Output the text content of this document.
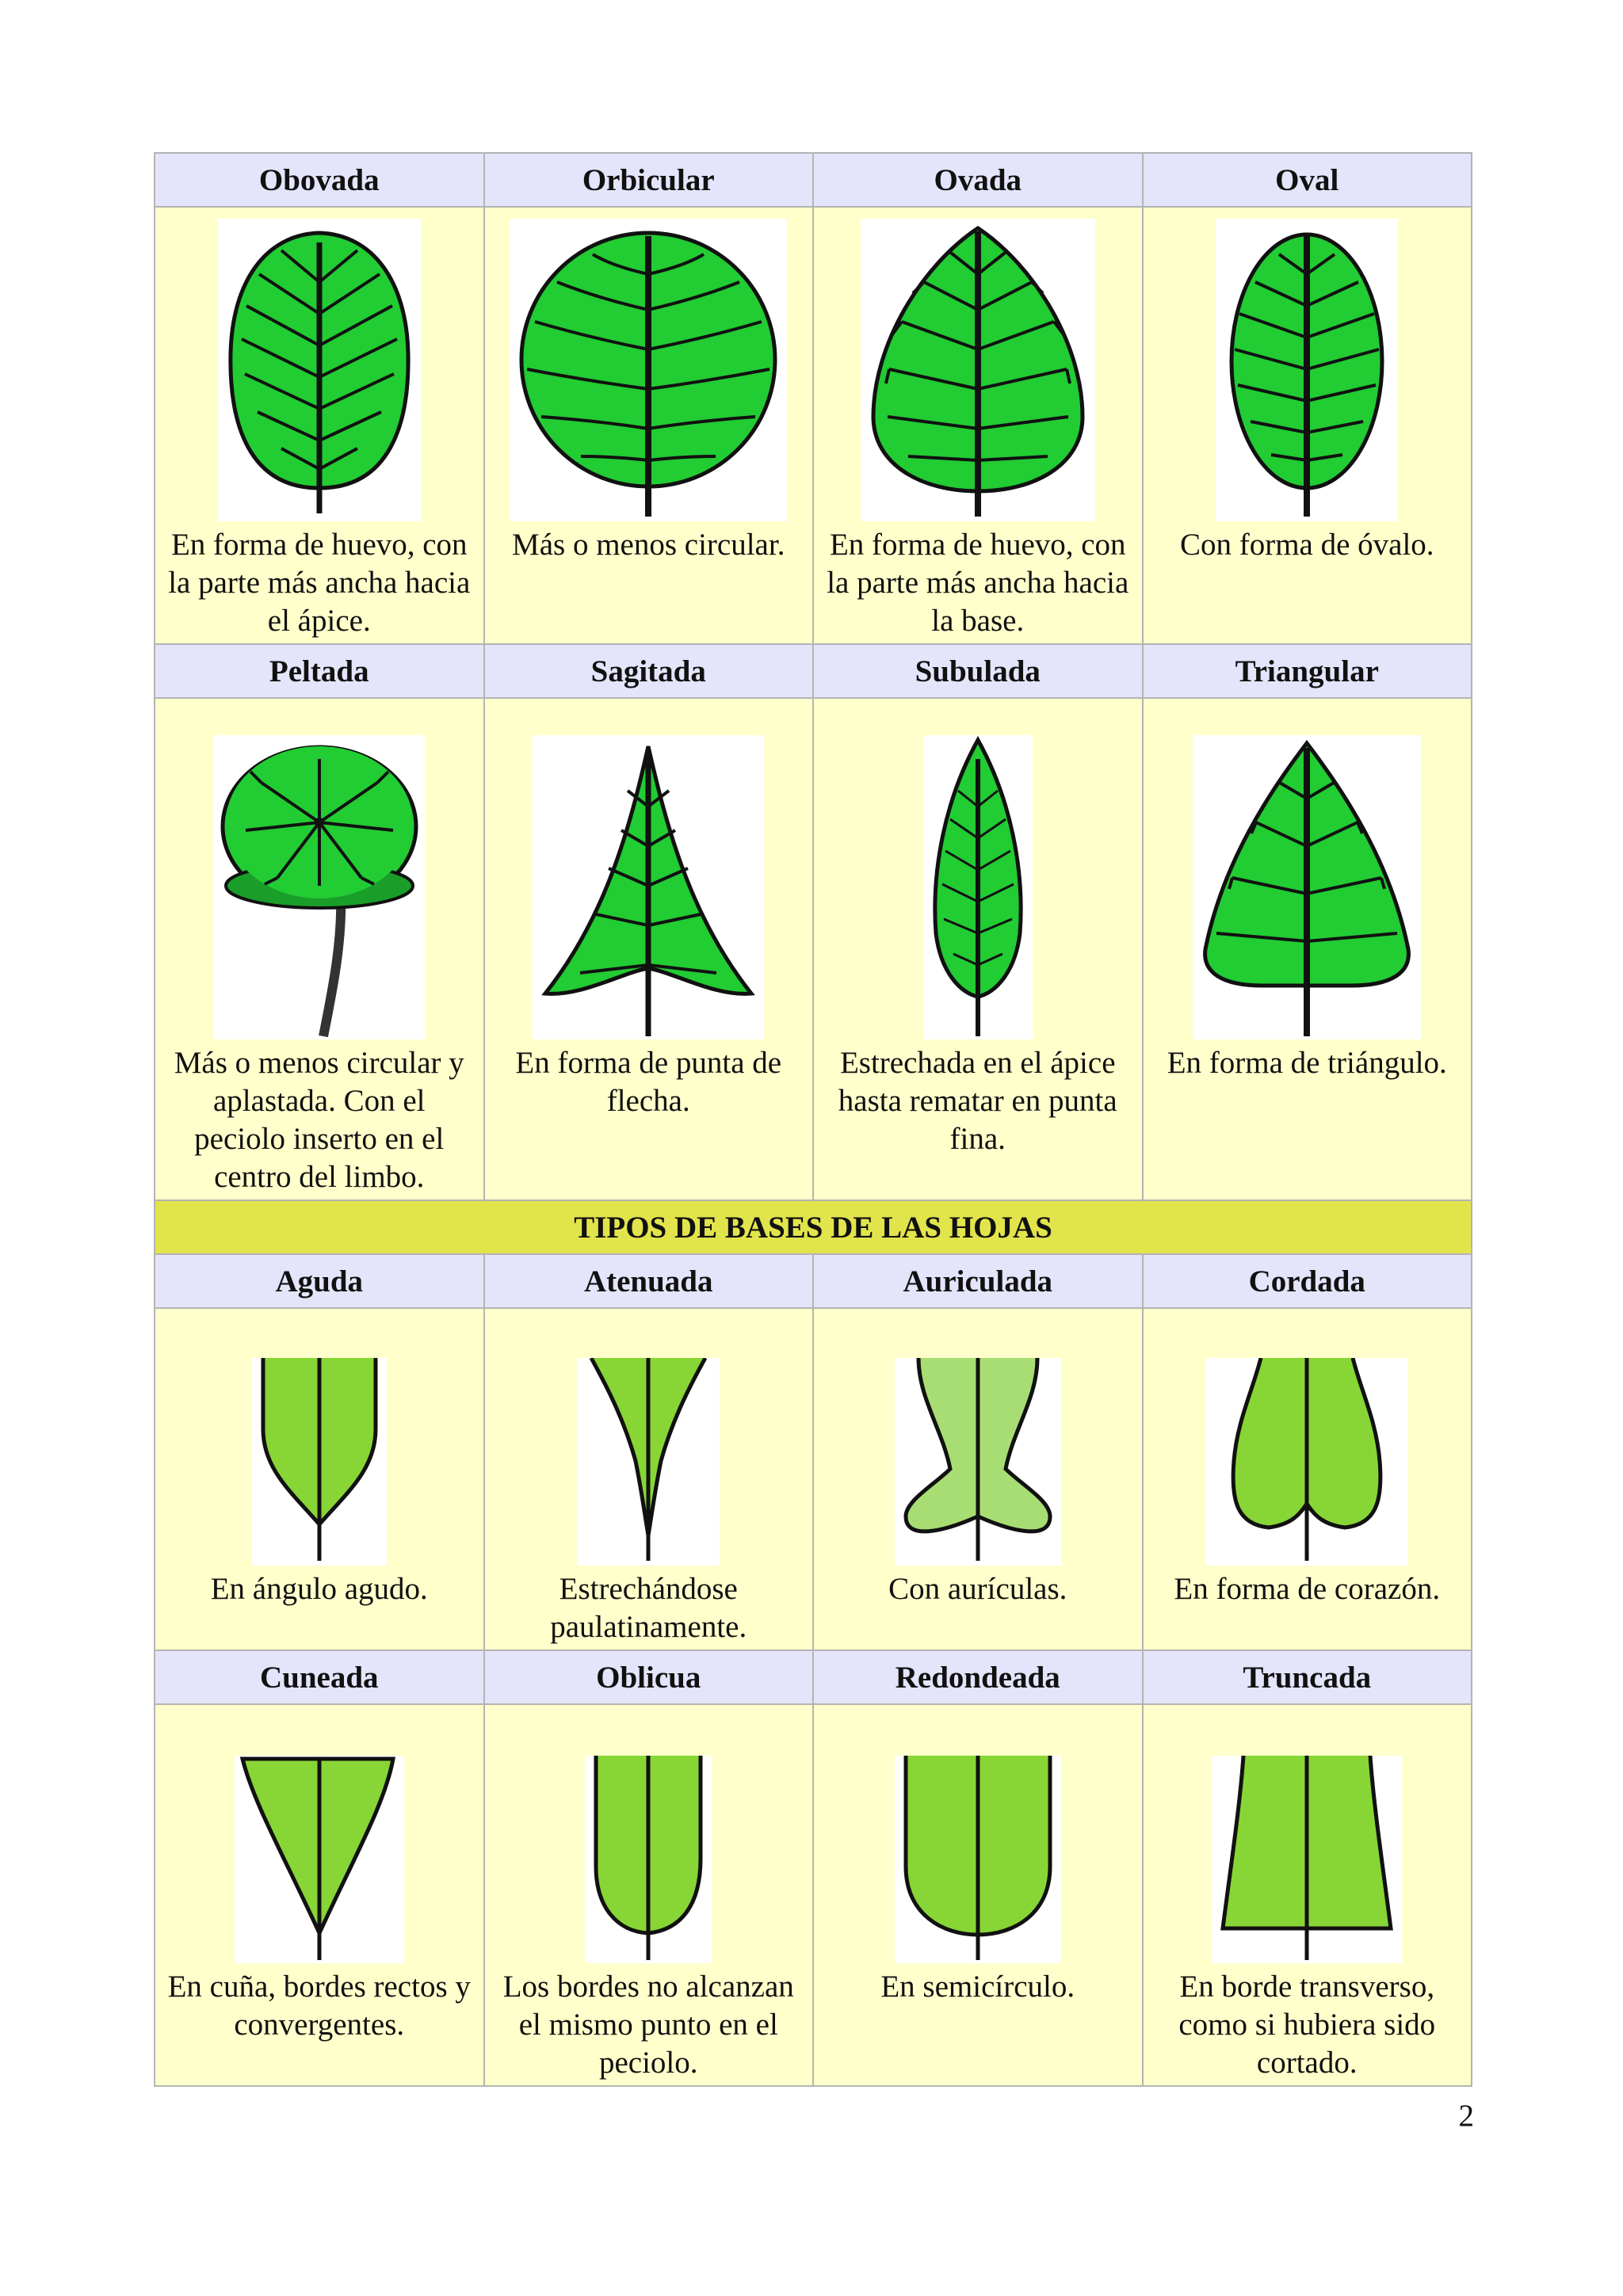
Obovada	Orbicular	Ovada	Oval

En forma de huevo, con la parte más ancha hacia el ápice.	Más o menos circular.	En forma de huevo, con la parte más ancha hacia la base.	Con forma de óvalo.

Peltada	Sagitada	Subulada	Triangular

Más o menos circular y aplastada. Con el peciolo inserto en el centro del limbo.	En forma de punta de flecha.	Estrechada en el ápice hasta rematar en punta fina.	En forma de triángulo.

TIPOS DE BASES DE LAS HOJAS			
Aguda	Atenuada	Auriculada	Cordada

En ángulo agudo.	Estrechándose paulatinamente.	Con aurículas.	En forma de corazón.

Cuneada	Oblicua	Redondeada	Truncada

En cuña, bordes rectos y convergentes.	Los bordes no alcanzan el mismo punto en el peciolo.	En semicírculo.	En borde transverso, como si hubiera sido cortado.
2
